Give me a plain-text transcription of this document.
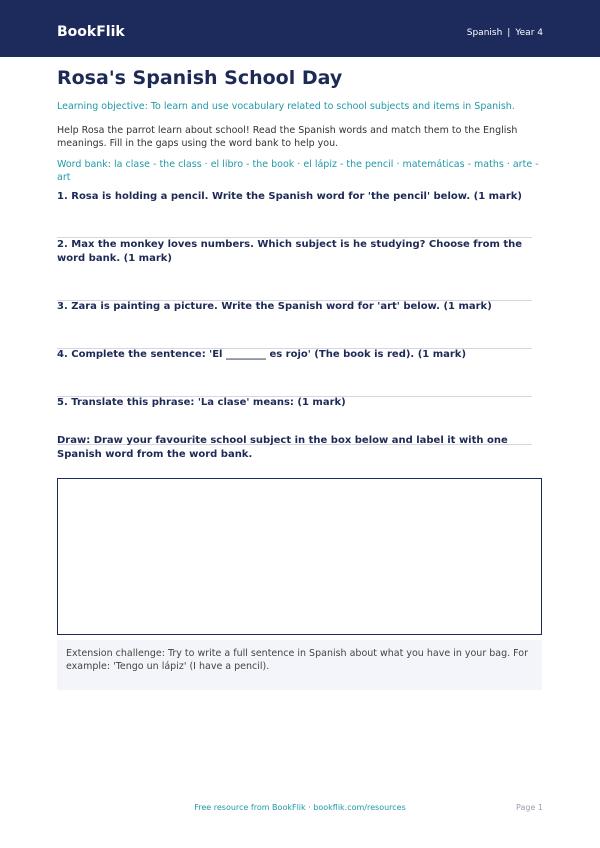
BookFlik	Spanish | Year 4
Rosa's Spanish School Day
Learning objective: To learn and use vocabulary related to school subjects and items in Spanish.
Help Rosa the parrot learn about school! Read the Spanish words and match them to the English meanings. Fill in the gaps using the word bank to help you.
Word bank: la clase - the class · el libro - the book · el lápiz - the pencil · matemáticas - maths · arte - art
1. Rosa is holding a pencil. Write the Spanish word for 'the pencil' below. (1 mark)
2. Max the monkey loves numbers. Which subject is he studying? Choose from the word bank. (1 mark)
3. Zara is painting a picture. Write the Spanish word for 'art' below. (1 mark)
4. Complete the sentence: 'El ________ es rojo' (The book is red). (1 mark)
5. Translate this phrase: 'La clase' means: (1 mark)
Draw: Draw your favourite school subject in the box below and label it with one Spanish word from the word bank.
Extension challenge: Try to write a full sentence in Spanish about what you have in your bag. For example: 'Tengo un lápiz' (I have a pencil).
Free resource from BookFlik · bookflik.com/resources	Page 1
